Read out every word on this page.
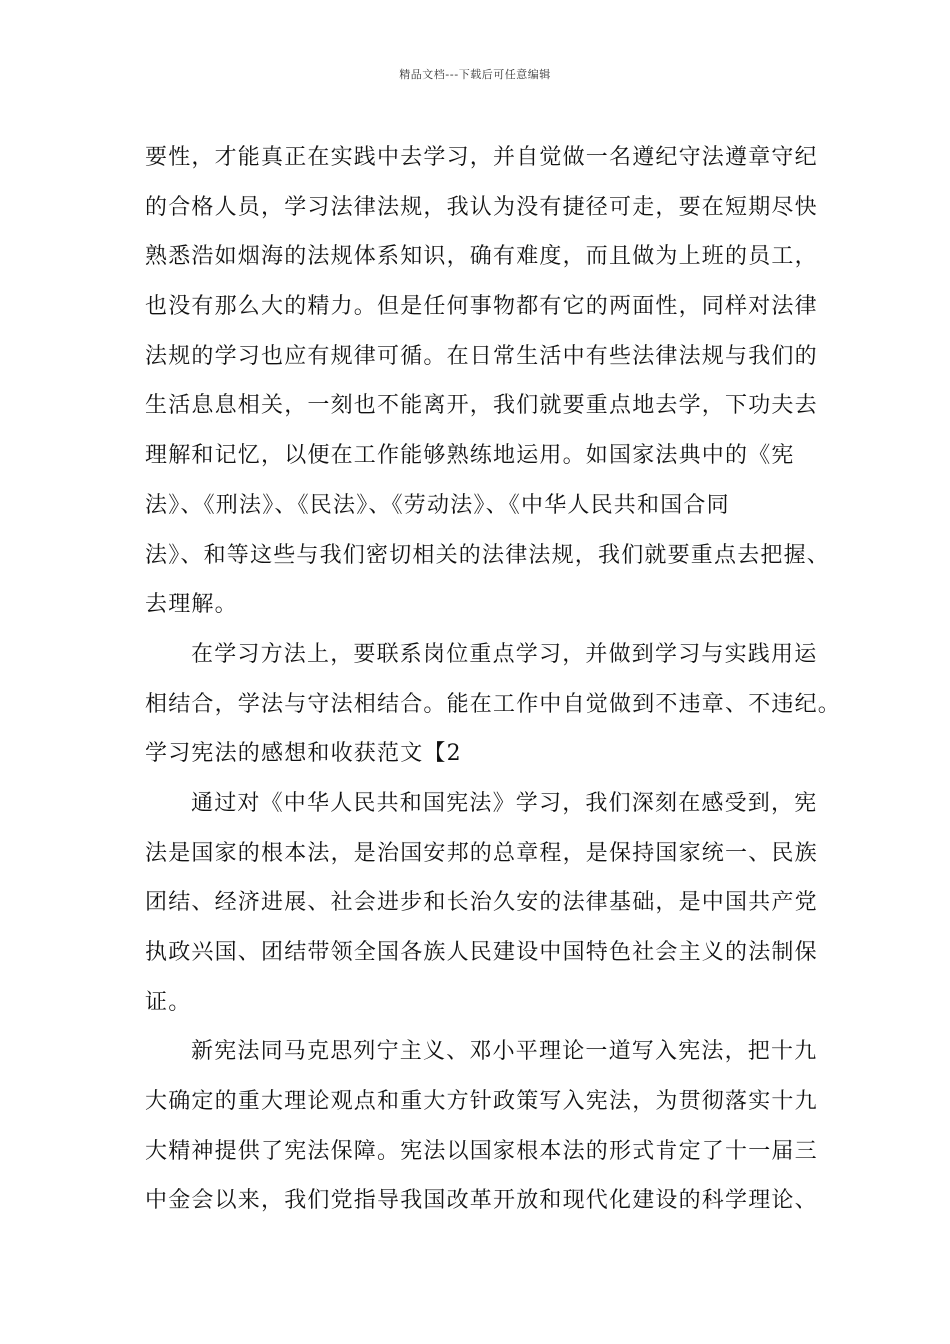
精品文档---下载后可任意编辑
要性，才能真正在实践中去学习，并自觉做一名遵纪守法遵章守纪
的合格人员，学习法律法规，我认为没有捷径可走，要在短期尽快
熟悉浩如烟海的法规体系知识，确有难度，而且做为上班的员工，
也没有那么大的精力。但是任何事物都有它的两面性，同样对法律
法规的学习也应有规律可循。在日常生活中有些法律法规与我们的
生活息息相关，一刻也不能离开，我们就要重点地去学，下功夫去
理解和记忆，以便在工作能够熟练地运用。如国家法典中的《宪
法》、《刑法》、《民法》、《劳动法》、《中华人民共和国合同
法》、和等这些与我们密切相关的法律法规，我们就要重点去把握、
去理解。
在学习方法上，要联系岗位重点学习，并做到学习与实践用运
相结合，学法与守法相结合。能在工作中自觉做到不违章、不违纪。
学习宪法的感想和收获范文【2
通过对《中华人民共和国宪法》学习，我们深刻在感受到，宪
法是国家的根本法，是治国安邦的总章程，是保持国家统一、民族
团结、经济进展、社会进步和长治久安的法律基础，是中国共产党
执政兴国、团结带领全国各族人民建设中国特色社会主义的法制保
证。
新宪法同马克思列宁主义、邓小平理论一道写入宪法，把十九
大确定的重大理论观点和重大方针政策写入宪法，为贯彻落实十九
大精神提供了宪法保障。宪法以国家根本法的形式肯定了十一届三
中金会以来，我们党指导我国改革开放和现代化建设的科学理论、
